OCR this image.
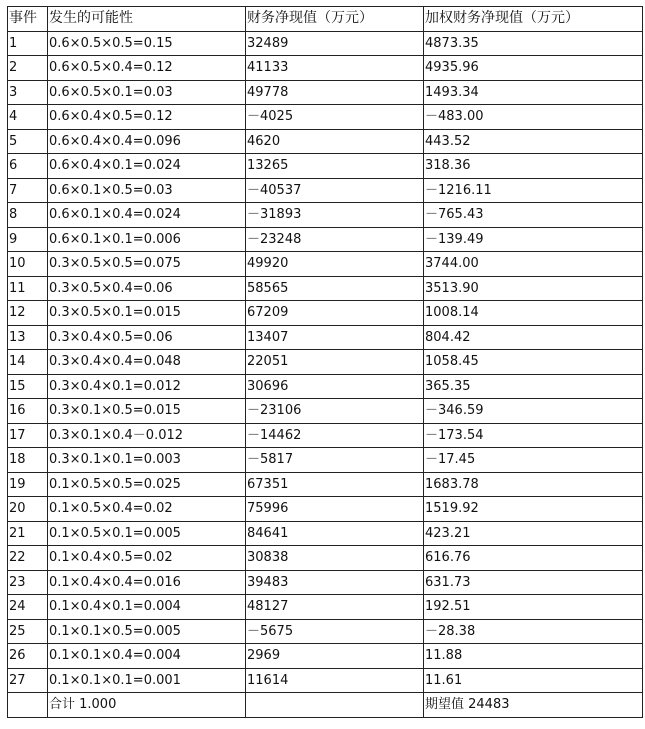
事件	发生的可能性	财务净现值（万元）	加权财务净现值（万元）
1	0.6×0.5×0.5=0.15	32489	4873.35
2	0.6×0.5×0.4=0.12	41133	4935.96
3	0.6×0.5×0.1=0.03	49778	1493.34
4	0.6×0.4×0.5=0.12	－4025	－483.00
5	0.6×0.4×0.4=0.096	4620	443.52
6	0.6×0.4×0.1=0.024	13265	318.36
7	0.6×0.1×0.5=0.03	－40537	－1216.11
8	0.6×0.1×0.4=0.024	－31893	－765.43
9	0.6×0.1×0.1=0.006	－23248	－139.49
10	0.3×0.5×0.5=0.075	49920	3744.00
11	0.3×0.5×0.4=0.06	58565	3513.90
12	0.3×0.5×0.1=0.015	67209	1008.14
13	0.3×0.4×0.5=0.06	13407	804.42
14	0.3×0.4×0.4=0.048	22051	1058.45
15	0.3×0.4×0.1=0.012	30696	365.35
16	0.3×0.1×0.5=0.015	－23106	－346.59
17	0.3×0.1×0.4－0.012	－14462	－173.54
18	0.3×0.1×0.1=0.003	－5817	－17.45
19	0.1×0.5×0.5=0.025	67351	1683.78
20	0.1×0.5×0.4=0.02	75996	1519.92
21	0.1×0.5×0.1=0.005	84641	423.21
22	0.1×0.4×0.5=0.02	30838	616.76
23	0.1×0.4×0.4=0.016	39483	631.73
24	0.1×0.4×0.1=0.004	48127	192.51
25	0.1×0.1×0.5=0.005	－5675	－28.38
26	0.1×0.1×0.4=0.004	2969	11.88
27	0.1×0.1×0.1=0.001	11614	11.61
	合计 1.000		期望值 24483
